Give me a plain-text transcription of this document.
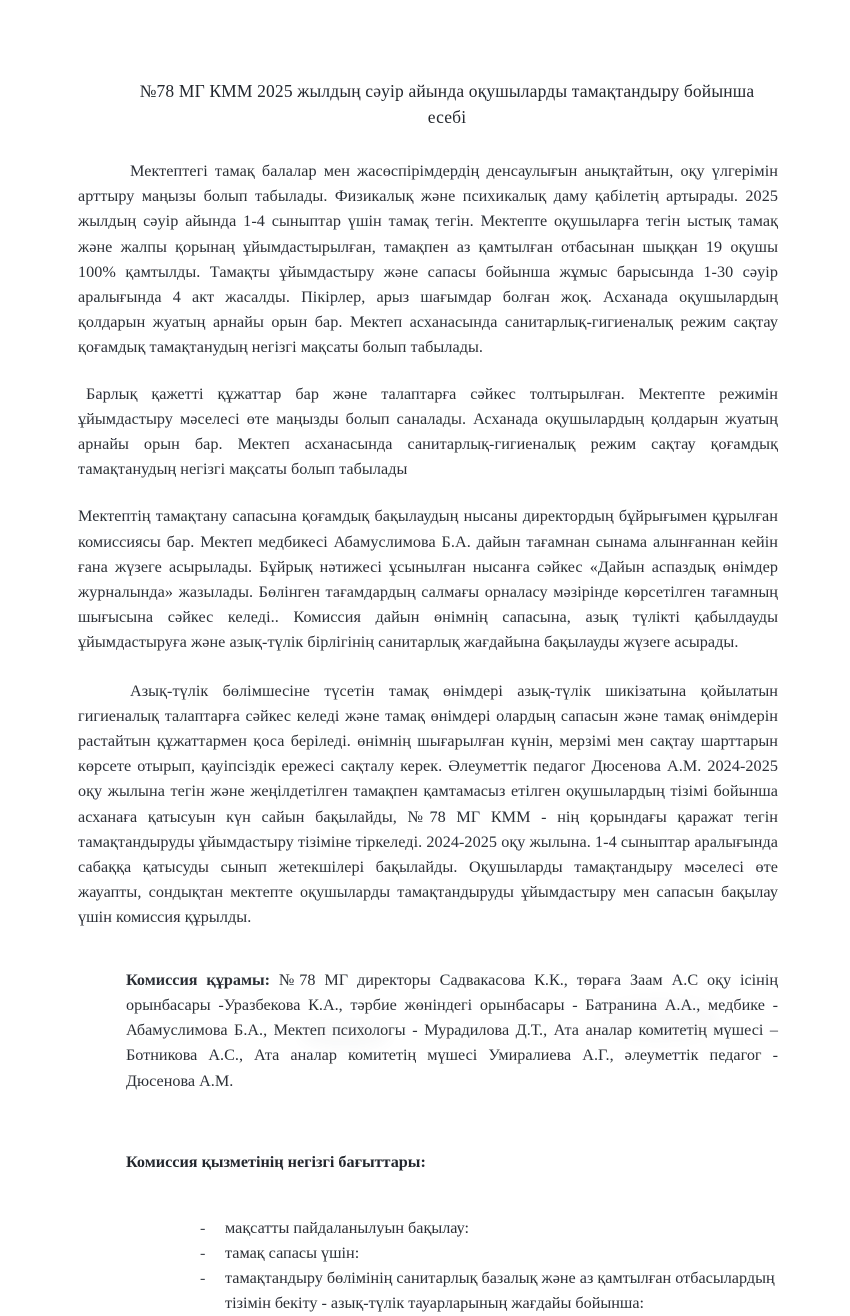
№78 МГ КММ 2025 жылдың сәуір айында оқушыларды тамақтандыру бойынша есебі

Мектептегі тамақ балалар мен жасөспірімдердің денсаулығын анықтайтын, оқу үлгерімін арттыру маңызы болып табылады. Физикалық және психикалық даму қабілетің артырады. 2025 жылдың сәуір айында 1-4 сыныптар үшін тамақ тегін. Мектепте оқушыларға тегін ыстық тамақ және жалпы қорынаң ұйымдастырылған, тамақпен аз қамтылған отбасынан шыққан 19 оқушы 100% қамтылды. Тамақты ұйымдастыру және сапасы бойынша жұмыс барысында 1-30 сәуір аралығында 4 акт жасалды. Пікірлер, арыз шағымдар болған жоқ. Асханада оқушылардың қолдарын жуатың арнайы орын бар. Мектеп асханасында санитарлық-гигиеналық режим сақтау қоғамдық тамақтанудың негізгі мақсаты болып табылады.

Барлық қажетті құжаттар бар және талаптарға сәйкес толтырылған. Мектепте режимін ұйымдастыру мәселесі өте маңызды болып саналады. Асханада оқушылардың қолдарын жуатың арнайы орын бар. Мектеп асханасында санитарлық-гигиеналық режим сақтау қоғамдық тамақтанудың негізгі мақсаты болып табылады

Мектептің тамақтану сапасына қоғамдық бақылаудың нысаны директордың бұйрығымен құрылған комиссиясы бар. Мектеп медбикесі Абамуслимова Б.А. дайын тағамнан сынама алынғаннан кейін ғана жүзеге асырылады. Бұйрық нәтижесі ұсынылған нысанға сәйкес «Дайын аспаздық өнімдер журналында» жазылады. Бөлінген тағамдардың салмағы орналасу мәзірінде көрсетілген тағамның шығысына сәйкес келеді.. Комиссия дайын өнімнің сапасына, азық түлікті қабылдауды ұйымдастыруға және азық-түлік бірлігінің санитарлық жағдайына бақылауды жүзеге асырады.

Азық-түлік бөлімшесіне түсетін тамақ өнімдері азық-түлік шикізатына қойылатын гигиеналық талаптарға сәйкес келеді және тамақ өнімдері олардың сапасын және тамақ өнімдерін растайтын құжаттармен қоса беріледі. өнімнің шығарылған күнін, мерзімі мен сақтау шарттарын көрсете отырып, қауіпсіздік ережесі сақталу керек. Әлеуметтік педагог Дюсенова А.М. 2024-2025 оқу жылына тегін және жеңілдетілген тамақпен қамтамасыз етілген оқушылардың тізімі бойынша асханаға қатысуын күн сайын бақылайды, №78 МГ КММ - нің қорындағы қаражат тегін тамақтандыруды ұйымдастыру тізіміне тіркеледі. 2024-2025 оқу жылына. 1-4 сыныптар аралығында сабаққа қатысуды сынып жетекшілері бақылайды. Оқушыларды тамақтандыру мәселесі өте жауапты, сондықтан мектепте оқушыларды тамақтандыруды ұйымдастыру мен сапасын бақылау үшін комиссия құрылды.

Комиссия құрамы: №78 МГ директоры Садвакасова К.К., төраға Заам А.С оқу ісінің орынбасары -Уразбекова К.А., тәрбие жөніндегі орынбасары - Батранина А.А., медбике - Абамуслимова Б.А., Мектеп психологы - Мурадилова Д.Т., Ата аналар комитетің мүшесі – Ботникова А.С., Ата аналар комитетің мүшесі Умиралиева А.Г., әлеуметтік педагог - Дюсенова А.М.

Комиссия қызметінің негізгі бағыттары:

-	мақсатты пайдаланылуын бақылау:
-	тамақ сапасы үшін:
-	тамақтандыру бөлімінің санитарлық базалық және аз қамтылған отбасылардың тізімін бекіту - азық-түлік тауарларының жағдайы бойынша:
